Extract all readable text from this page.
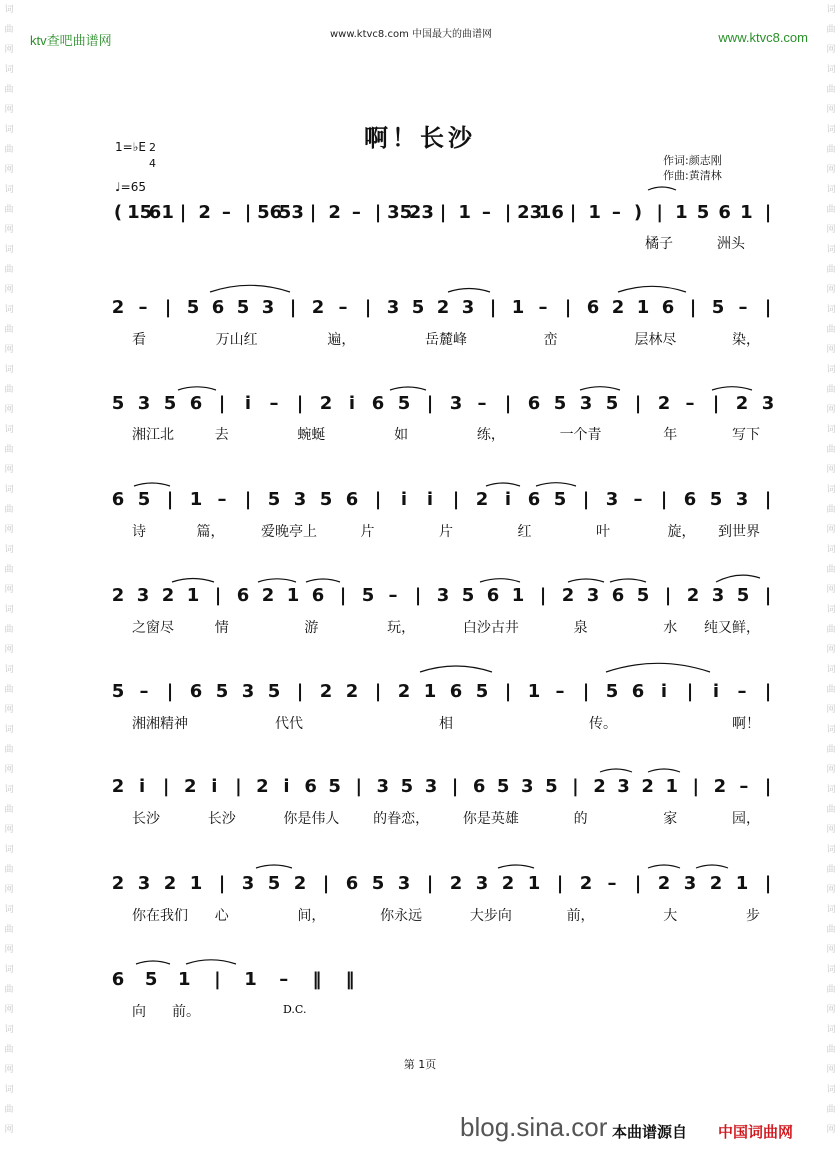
词
曲
网
词
曲
网
词
曲
网
词
曲
网
词
曲
网
词
曲
网
词
曲
网
词
曲
网
词
曲
网
词
曲
网
词
曲
网
词
曲
网
词
曲
网
词
曲
网
词
曲
网
词
曲
网
词
曲
网
词
曲
网
词
曲
网
词
曲
网
词
曲
网
词
曲
网
词
曲
网
词
曲
网
词
曲
网
词
曲
网
词
曲
网
词
曲
网
词
曲
网
词
曲
网
词
曲
网
词
曲
网
词
曲
网
词
曲
网
词
曲
网
词
曲
网
词
曲
网
词
曲
网
ktv查吧曲谱网	www.ktvc8.com 中国最大的曲谱网	www.ktvc8.com
啊！长沙
1=♭E 2
4
♩=65
作词:颜志刚
作曲:黄清林
( 15
61 | 2 – | 56
53 | 2 – | 35
23 | 1 – | 23
16 | 1 – ) | 1 5 6 1 |
2 – | 5 6 5 3 | 2 – | 3 5 2 3 | 1 – | 6 2 1 6 | 5 – |
5 3 5 6 | i – | 2 i 6 5 | 3 – | 6 5 3 5 | 2 – | 2 3
6 5 | 1 – | 5 3 5 6 | i i | 2 i 6 5 | 3 – | 6 5 3 |
2 3 2 1 | 6 2 1 6 | 5 – | 3 5 6 1 | 2 3 6 5 | 2 3 5 |
5 – | 6 5 3 5 | 2 2 | 2 1 6 5 | 1 – | 5 6 i | i – |
2 i | 2 i | 2 i 6 5 | 3 5 3 | 6 5 3 5 | 2 3 2 1 | 2 – |
2 3 2 1 | 3 5 2 | 6 5 3 | 2 3 2 1 | 2 – | 2 3 2 1 |
6 5 1 | 1 – ‖ ‖
橘子	洲头
看	万山红	遍，	岳麓峰	峦	层林尽	染，
湘江北	去	蜿蜒	如	练，	一个青	年	写下
诗	篇，	爱晚亭上	片	片	红	叶	旋， 到世界
之窗尽	情	游	玩，	白沙古井	泉	水 纯又鲜，
湘湘精神	代代	相	传。	啊！
长沙	长沙	你是伟人 的眷恋， 你是英雄	的	家	园，
你在我们 心	间，	你永远	大步向	前，	大	步
向 前。	D.C.
第 1页
blog.sina.cor 本曲谱源自 中国词曲网
